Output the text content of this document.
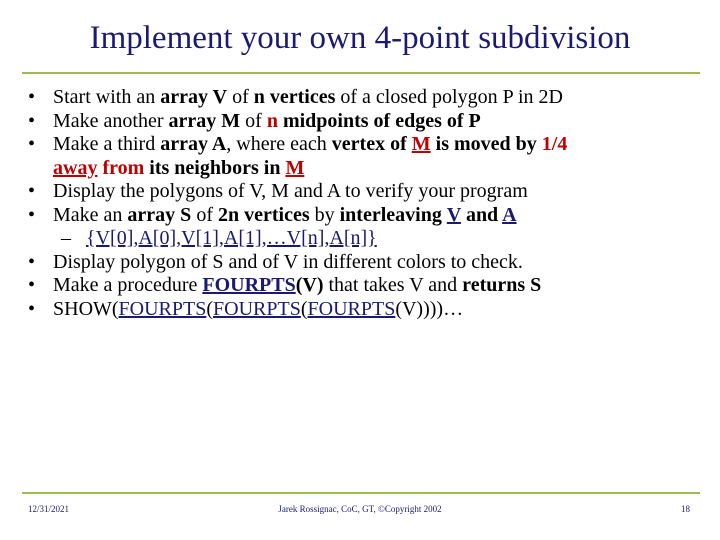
Implement your own 4-point subdivision
• Start with an array V of n vertices of a closed polygon P in 2D
• Make another array M of n midpoints of edges of P
• Make a third array A, where each vertex of M is moved by 1/4
away from its neighbors in M
• Display the polygons of V, M and A to verify your program
• Make an array S of 2n vertices by interleaving V and A
– {V[0],A[0],V[1],A[1],…V[n],A[n]}
• Display polygon of S and of V in different colors to check.
• Make a procedure FOURPTS(V) that takes V and returns S
• SHOW(FOURPTS(FOURPTS(FOURPTS(V))))…
12/31/2021	Jarek Rossignac, CoC, GT, ©Copyright 2002	18
